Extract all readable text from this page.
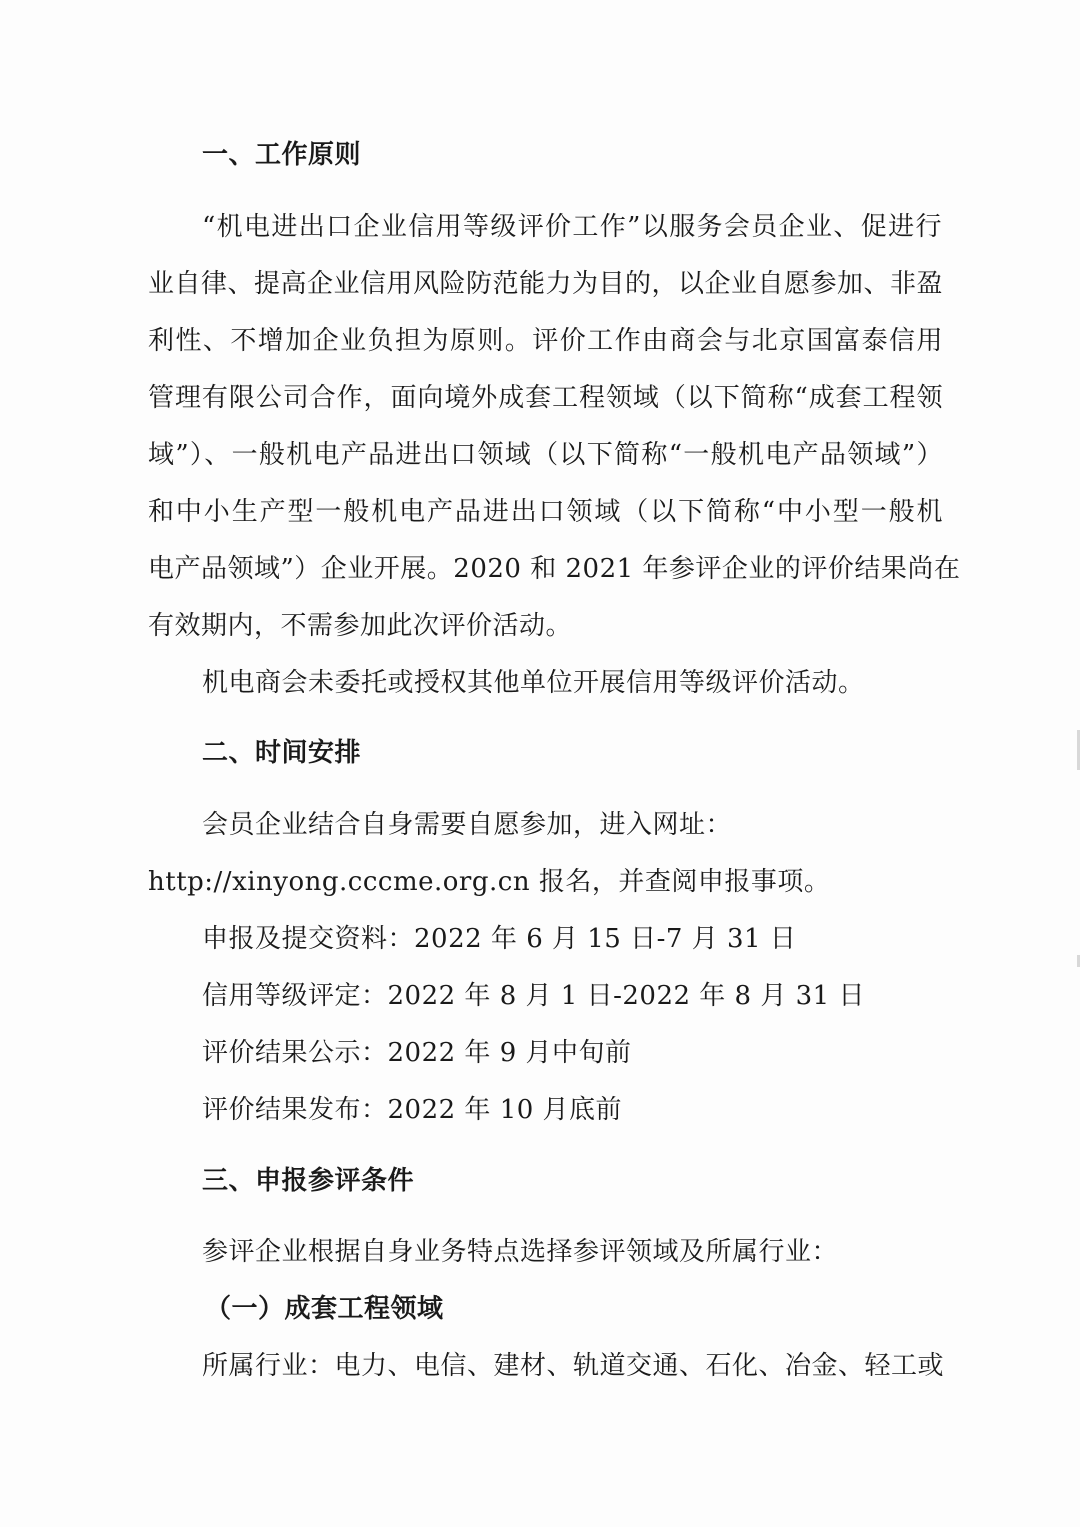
一、工作原则
“机电进出口企业信用等级评价工作”以服务会员企业、促进行
业自律、提高企业信用风险防范能力为目的，以企业自愿参加、非盈
利性、不增加企业负担为原则。评价工作由商会与北京国富泰信用
管理有限公司合作，面向境外成套工程领域（以下简称“成套工程领
域”）、一般机电产品进出口领域（以下简称“一般机电产品领域”）
和中小生产型一般机电产品进出口领域（以下简称“中小型一般机
电产品领域”）企业开展。2020 和 2021 年参评企业的评价结果尚在
有效期内，不需参加此次评价活动。
机电商会未委托或授权其他单位开展信用等级评价活动。
二、时间安排
会员企业结合自身需要自愿参加，进入网址：
http://xinyong.cccme.org.cn 报名，并查阅申报事项。
申报及提交资料：2022 年 6 月 15 日-7 月 31 日
信用等级评定：2022 年 8 月 1 日-2022 年 8 月 31 日
评价结果公示：2022 年 9 月中旬前
评价结果发布：2022 年 10 月底前
三、申报参评条件
参评企业根据自身业务特点选择参评领域及所属行业：
（一）成套工程领域
所属行业：电力、电信、建材、轨道交通、石化、冶金、轻工或
